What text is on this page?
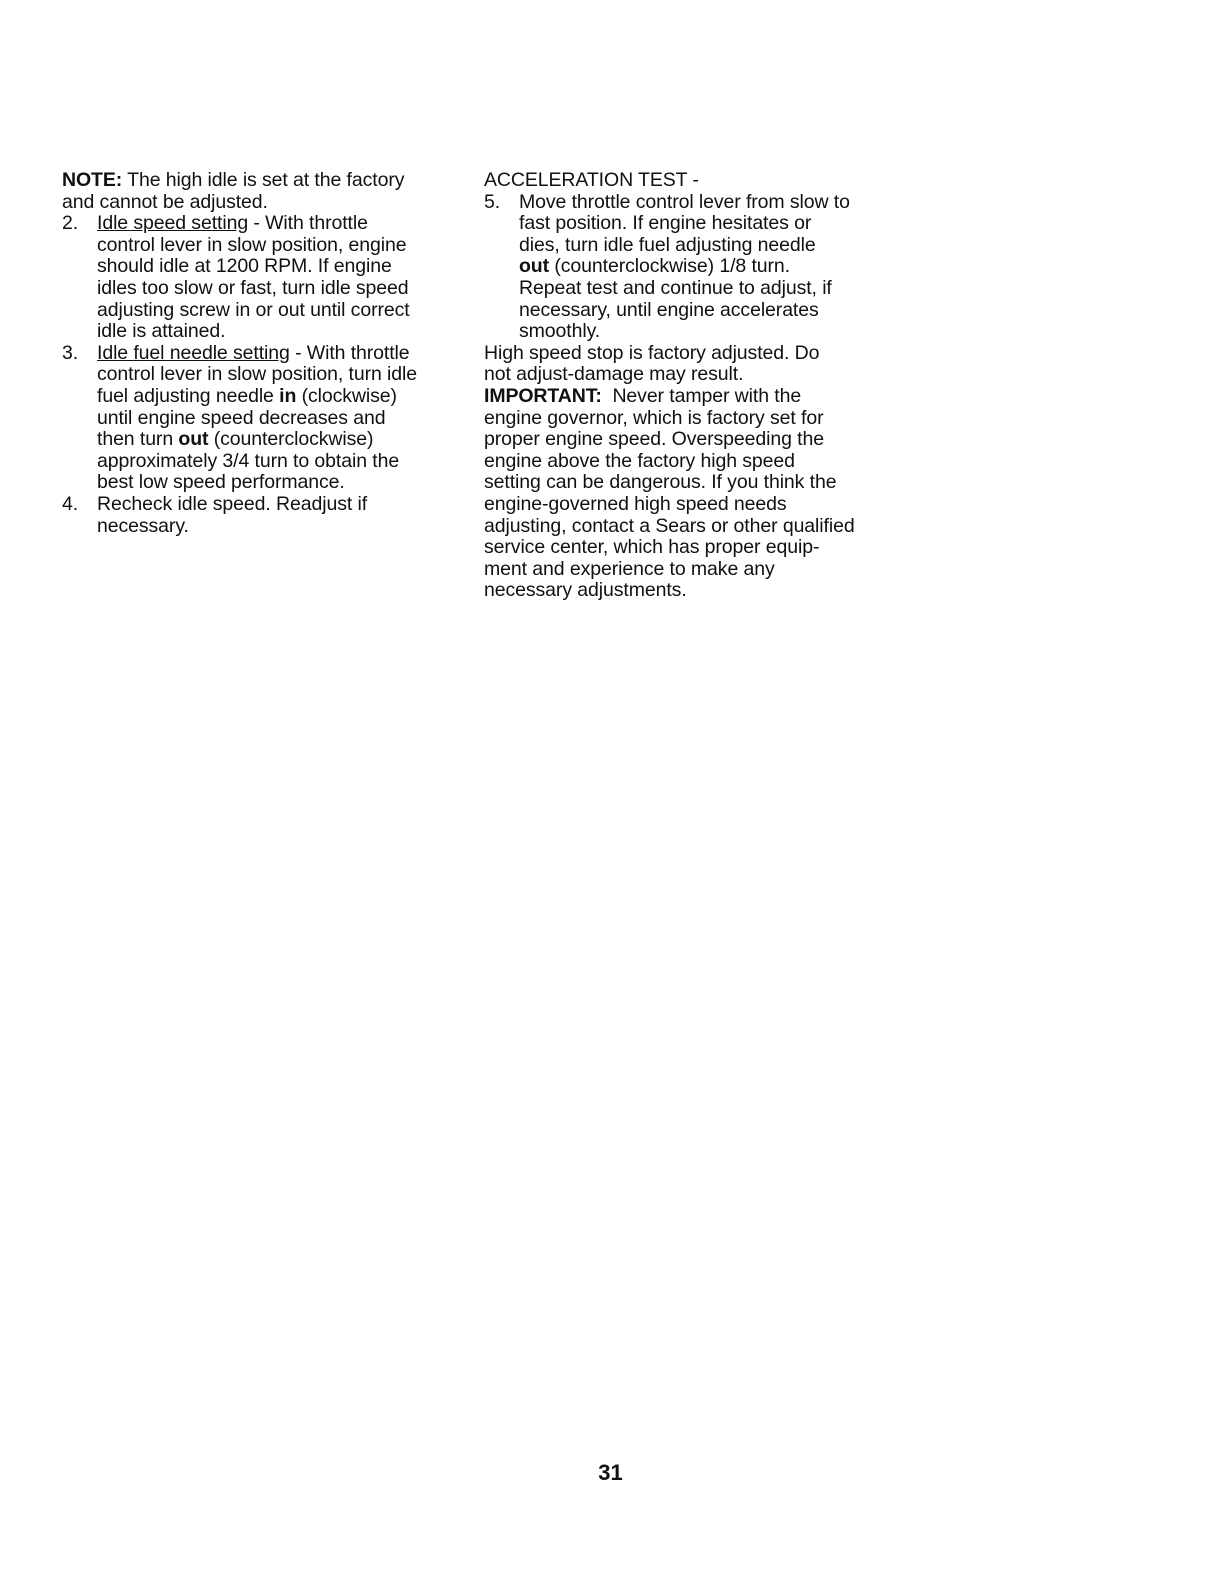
NOTE: The high idle is set at the factory
and cannot be adjusted.
2. Idle speed setting - With throttle
control lever in slow position, engine
should idle at 1200 RPM. If engine
idles too slow or fast, turn idle speed
adjusting screw in or out until correct
idle is attained.
3. Idle fuel needle setting - With throttle
control lever in slow position, turn idle
fuel adjusting needle in (clockwise)
until engine speed decreases and
then turn out (counterclockwise)
approximately 3/4 turn to obtain the
best low speed performance.
4. Recheck idle speed. Readjust if
necessary.
ACCELERATION TEST -
5. Move throttle control lever from slow to
fast position. If engine hesitates or
dies, turn idle fuel adjusting needle
out (counterclockwise) 1/8 turn.
Repeat test and continue to adjust, if
necessary, until engine accelerates
smoothly.
High speed stop is factory adjusted. Do
not adjust-damage may result.
IMPORTANT: Never tamper with the
engine governor, which is factory set for
proper engine speed. Overspeeding the
engine above the factory high speed
setting can be dangerous. If you think the
engine-governed high speed needs
adjusting, contact a Sears or other qualified
service center, which has proper equip-
ment and experience to make any
necessary adjustments.
31
